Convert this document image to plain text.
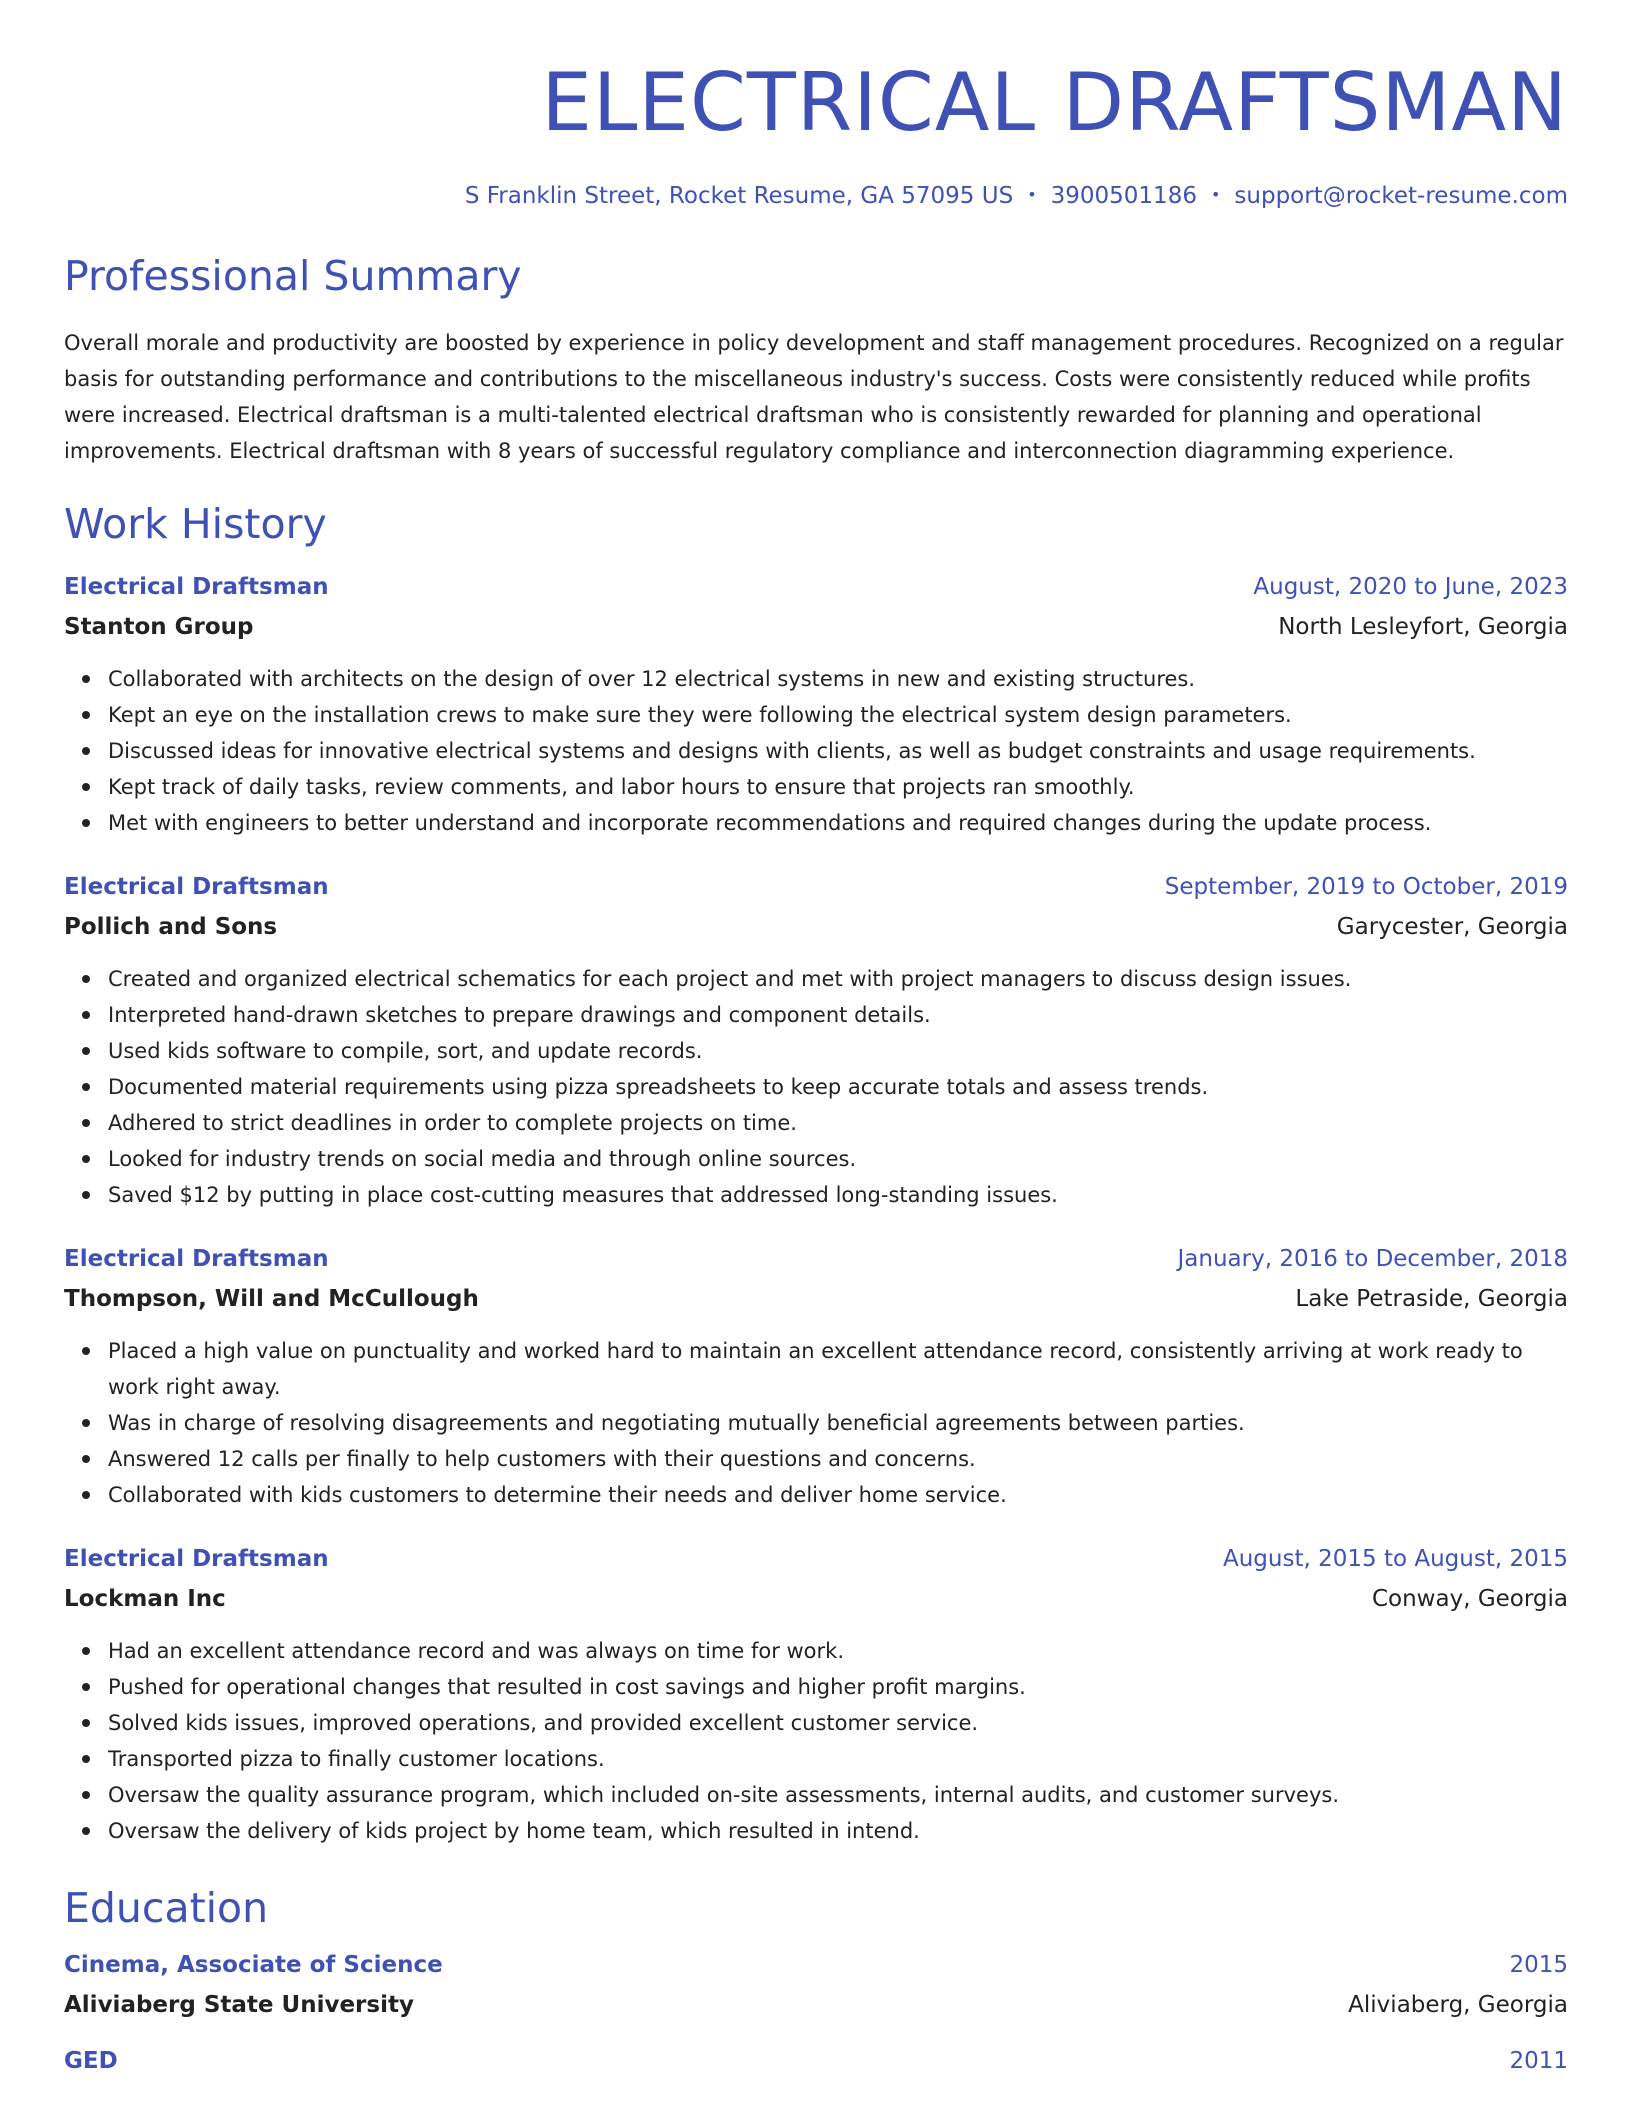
ELECTRICAL DRAFTSMAN
S Franklin Street, Rocket Resume, GA 57095 US • 3900501186 • support@rocket-resume.com
Professional Summary
Overall morale and productivity are boosted by experience in policy development and staff management procedures. Recognized on a regular basis for outstanding performance and contributions to the miscellaneous industry's success. Costs were consistently reduced while profits were increased. Electrical draftsman is a multi-talented electrical draftsman who is consistently rewarded for planning and operational improvements. Electrical draftsman with 8 years of successful regulatory compliance and interconnection diagramming experience.
Work History
Electrical Draftsman	August, 2020 to June, 2023
Stanton Group	North Lesleyfort, Georgia
Collaborated with architects on the design of over 12 electrical systems in new and existing structures.
Kept an eye on the installation crews to make sure they were following the electrical system design parameters.
Discussed ideas for innovative electrical systems and designs with clients, as well as budget constraints and usage requirements.
Kept track of daily tasks, review comments, and labor hours to ensure that projects ran smoothly.
Met with engineers to better understand and incorporate recommendations and required changes during the update process.
Electrical Draftsman	September, 2019 to October, 2019
Pollich and Sons	Garycester, Georgia
Created and organized electrical schematics for each project and met with project managers to discuss design issues.
Interpreted hand-drawn sketches to prepare drawings and component details.
Used kids software to compile, sort, and update records.
Documented material requirements using pizza spreadsheets to keep accurate totals and assess trends.
Adhered to strict deadlines in order to complete projects on time.
Looked for industry trends on social media and through online sources.
Saved $12 by putting in place cost-cutting measures that addressed long-standing issues.
Electrical Draftsman	January, 2016 to December, 2018
Thompson, Will and McCullough	Lake Petraside, Georgia
Placed a high value on punctuality and worked hard to maintain an excellent attendance record, consistently arriving at work ready to work right away.
Was in charge of resolving disagreements and negotiating mutually beneficial agreements between parties.
Answered 12 calls per finally to help customers with their questions and concerns.
Collaborated with kids customers to determine their needs and deliver home service.
Electrical Draftsman	August, 2015 to August, 2015
Lockman Inc	Conway, Georgia
Had an excellent attendance record and was always on time for work.
Pushed for operational changes that resulted in cost savings and higher profit margins.
Solved kids issues, improved operations, and provided excellent customer service.
Transported pizza to finally customer locations.
Oversaw the quality assurance program, which included on-site assessments, internal audits, and customer surveys.
Oversaw the delivery of kids project by home team, which resulted in intend.
Education
Cinema, Associate of Science	2015
Aliviaberg State University	Aliviaberg, Georgia
GED	2011
